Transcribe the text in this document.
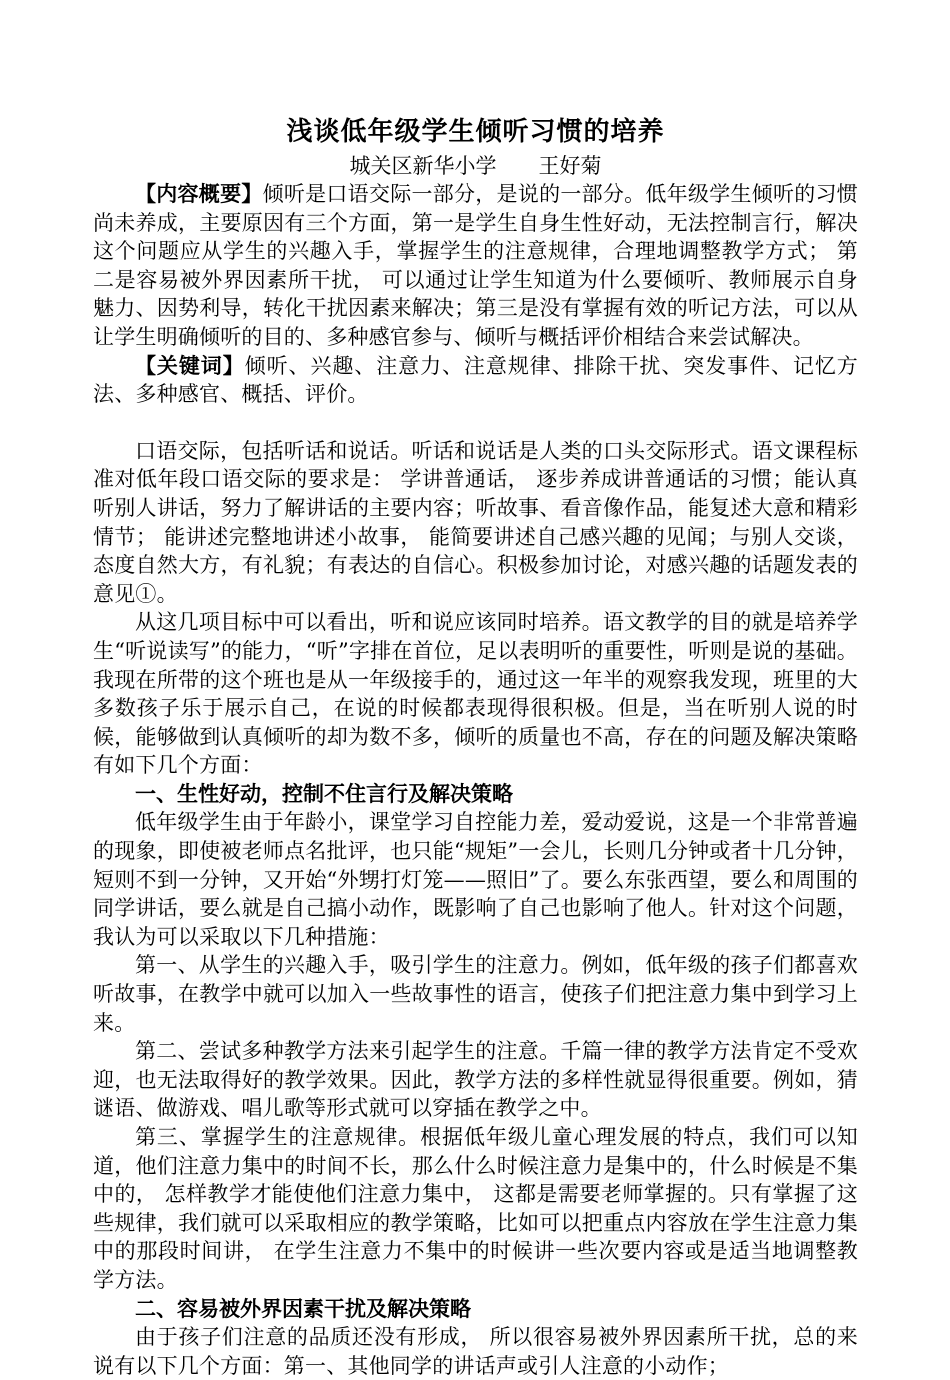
浅谈低年级学生倾听习惯的培养

城关区新华小学 王好菊

【内容概要】倾听是口语交际一部分，是说的一部分。低年级学生倾听的习惯尚未养成，主要原因有三个方面，第一是学生自身生性好动，无法控制言行，解决这个问题应从学生的兴趣入手，掌握学生的注意规律，合理地调整教学方式； 第二是容易被外界因素所干扰， 可以通过让学生知道为什么要倾听、教师展示自身魅力、因势利导，转化干扰因素来解决；第三是没有掌握有效的听记方法，可以从让学生明确倾听的目的、多种感官参与、倾听与概括评价相结合来尝试解决。

【关键词】倾听、兴趣、注意力、注意规律、排除干扰、突发事件、记忆方法、多种感官、概括、评价。

口语交际，包括听话和说话。听话和说话是人类的口头交际形式。语文课程标准对低年段口语交际的要求是： 学讲普通话， 逐步养成讲普通话的习惯；能认真听别人讲话，努力了解讲话的主要内容；听故事、看音像作品，能复述大意和精彩情节； 能讲述完整地讲述小故事， 能简要讲述自己感兴趣的见闻；与别人交谈，态度自然大方，有礼貌；有表达的自信心。积极参加讨论，对感兴趣的话题发表的意见①。

从这几项目标中可以看出，听和说应该同时培养。语文教学的目的就是培养学生“听说读写”的能力，“听”字排在首位，足以表明听的重要性，听则是说的基础。我现在所带的这个班也是从一年级接手的，通过这一年半的观察我发现，班里的大多数孩子乐于展示自己，在说的时候都表现得很积极。但是，当在听别人说的时候，能够做到认真倾听的却为数不多，倾听的质量也不高，存在的问题及解决策略有如下几个方面：

一、生性好动，控制不住言行及解决策略

低年级学生由于年龄小，课堂学习自控能力差，爱动爱说，这是一个非常普遍的现象，即使被老师点名批评，也只能“规矩”一会儿，长则几分钟或者十几分钟，短则不到一分钟，又开始“外甥打灯笼——照旧”了。要么东张西望，要么和周围的同学讲话，要么就是自己搞小动作，既影响了自己也影响了他人。针对这个问题，我认为可以采取以下几种措施：

第一、从学生的兴趣入手，吸引学生的注意力。例如，低年级的孩子们都喜欢听故事，在教学中就可以加入一些故事性的语言，使孩子们把注意力集中到学习上来。

第二、尝试多种教学方法来引起学生的注意。千篇一律的教学方法肯定不受欢迎，也无法取得好的教学效果。因此，教学方法的多样性就显得很重要。例如，猜谜语、做游戏、唱儿歌等形式就可以穿插在教学之中。

第三、掌握学生的注意规律。根据低年级儿童心理发展的特点，我们可以知道，他们注意力集中的时间不长，那么什么时候注意力是集中的，什么时候是不集中的， 怎样教学才能使他们注意力集中， 这都是需要老师掌握的。只有掌握了这些规律，我们就可以采取相应的教学策略，比如可以把重点内容放在学生注意力集中的那段时间讲， 在学生注意力不集中的时候讲一些次要内容或是适当地调整教学方法。

二、容易被外界因素干扰及解决策略

由于孩子们注意的品质还没有形成， 所以很容易被外界因素所干扰，总的来说有以下几个方面：第一、其他同学的讲话声或引人注意的小动作；
